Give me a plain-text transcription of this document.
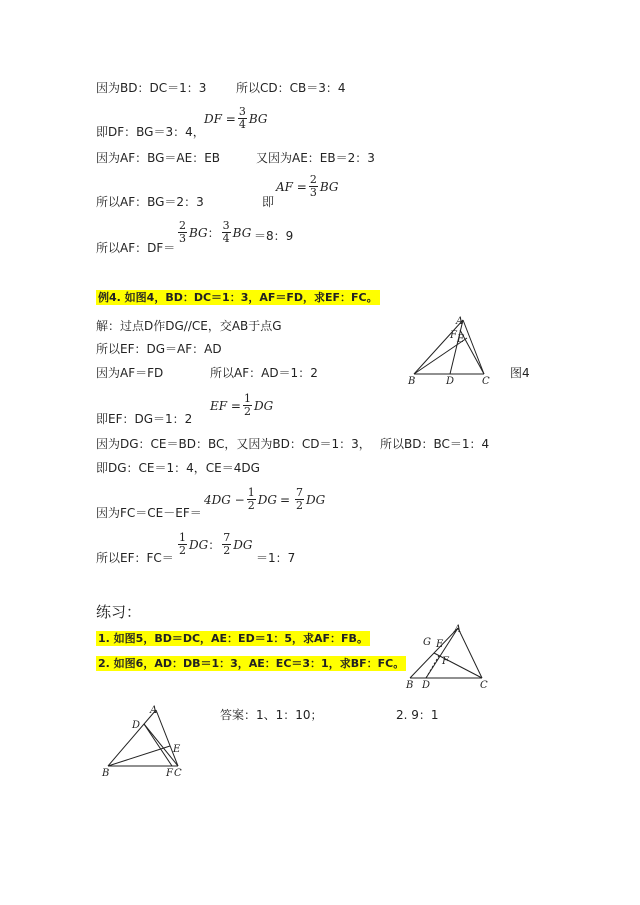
因为BD：DC＝1：3 所以CD：CB＝3：4
即DF：BG＝3：4，
DF = $\frac{3}{4}$ BG
因为AF：BG＝AE：EB	又因为AE：EB＝2：3
AF = $\frac{2}{3}$ BG
所以AF：BG＝2：3	即
所以AF：DF＝
$\frac{2}{3}$ BG ： $\frac{3}{4}$ BG ＝8：9
例4. 如图4，BD：DC＝1：3，AF＝FD，求EF：FC。
解：过点D作DG//CE，交AB于点G
所以EF：DG＝AF：AD
因为AF＝FD	所以AF：AD＝1：2	图4
A
F E
B	D	C
EF = $\frac{1}{2}$ DG
即EF：DG＝1：2
因为DG：CE＝BD：BC，又因为BD：CD＝1：3， 所以BD：BC＝1：4
即DG：CE＝1：4，CE＝4DG
因为FC＝CE－EF＝
$4DG - \frac{1}{2}$ DG = $\frac{7}{2}$ DG
所以EF：FC＝
$\frac{1}{2}$ DG ： $\frac{7}{2}$ DG
＝1：7
练习：
1. 如图5，BD＝DC，AE：ED＝1：5，求AF：FB。
2. 如图6，AD：DB＝1：3，AE：EC＝3：1，求BF：FC。
A
G E
F
B D	C
A
D
E
B	F C
答案：1、1：10；	2. 9：1
